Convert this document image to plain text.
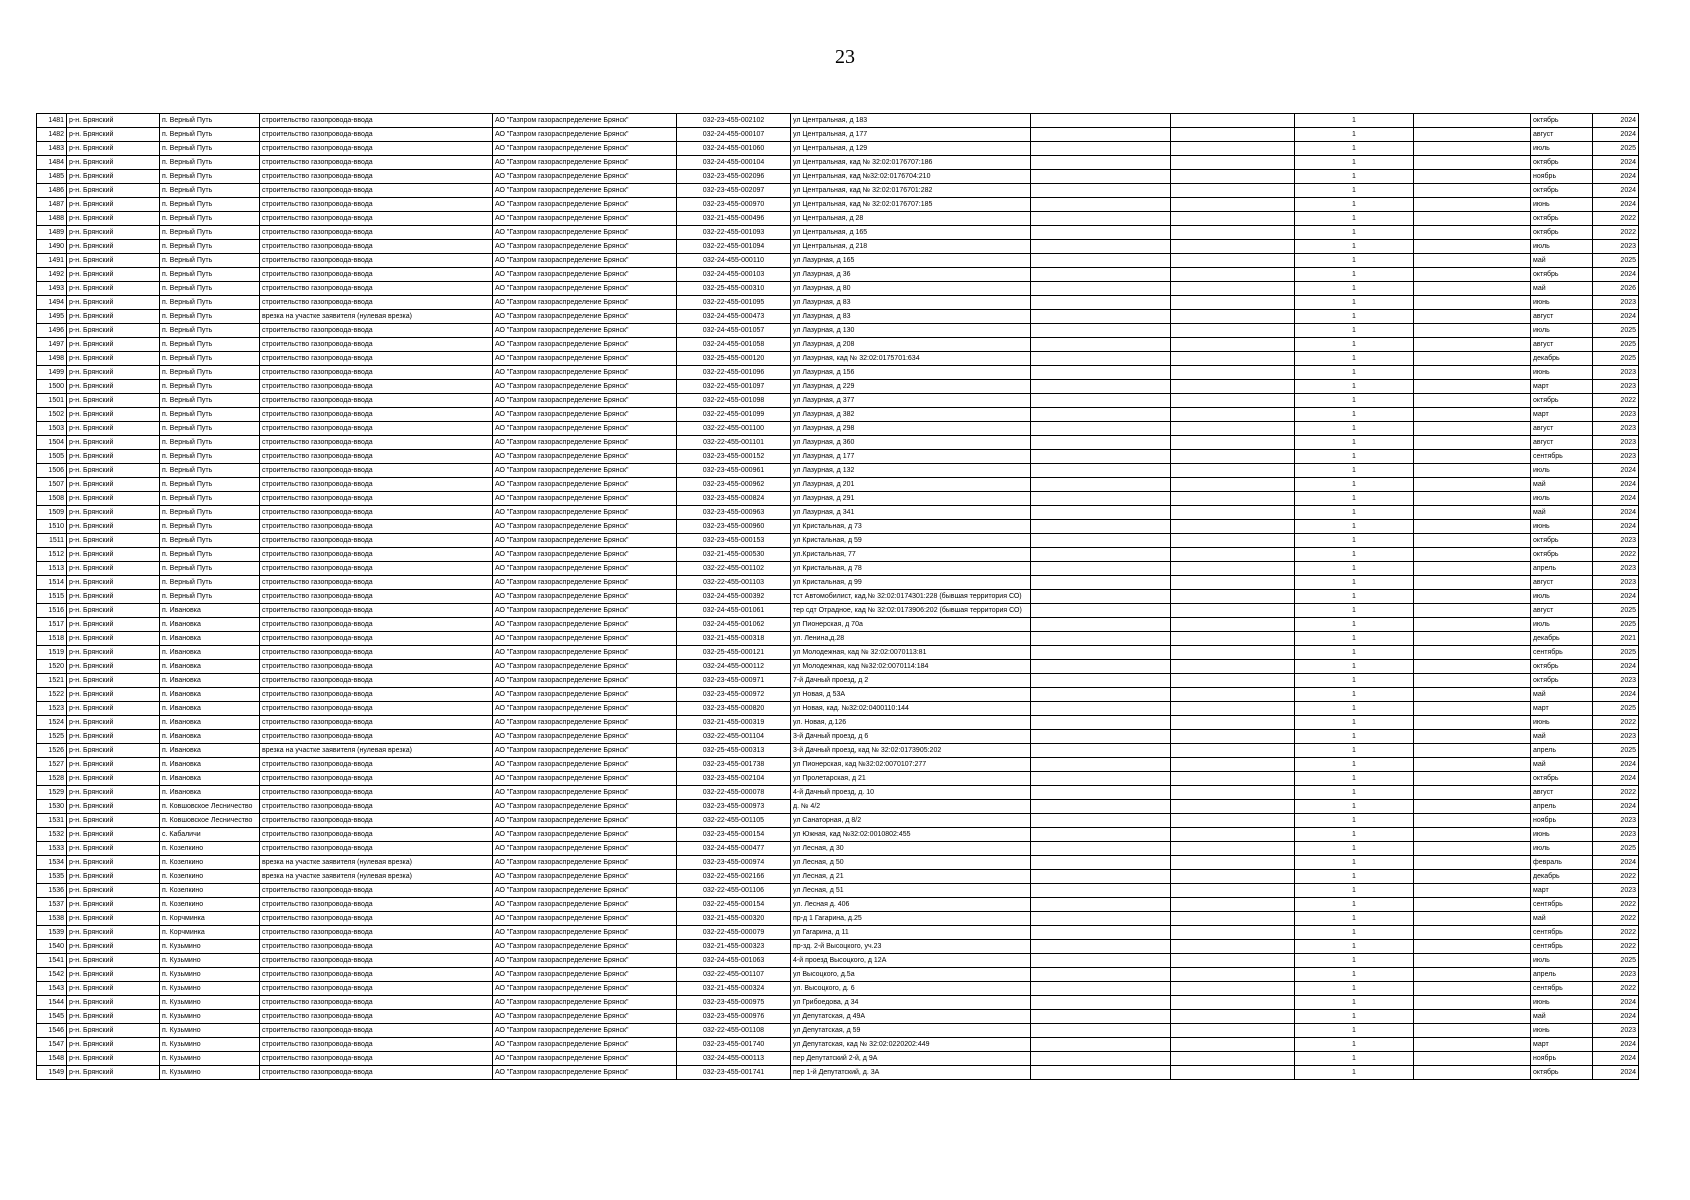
23
1481	р-н. Брянский	п. Верный Путь	строительство газопровода-ввода	АО "Газпром газораспределение Брянск"	032-23-455-002102	ул Центральная, д 183			1		октябрь	2024
1482	р-н. Брянский	п. Верный Путь	строительство газопровода-ввода	АО "Газпром газораспределение Брянск"	032-24-455-000107	ул Центральная, д 177			1		август	2024
1483	р-н. Брянский	п. Верный Путь	строительство газопровода-ввода	АО "Газпром газораспределение Брянск"	032-24-455-001060	ул Центральная, д 129			1		июль	2025
1484	р-н. Брянский	п. Верный Путь	строительство газопровода-ввода	АО "Газпром газораспределение Брянск"	032-24-455-000104	ул Центральная, кад № 32:02:0176707:186			1		октябрь	2024
1485	р-н. Брянский	п. Верный Путь	строительство газопровода-ввода	АО "Газпром газораспределение Брянск"	032-23-455-002096	ул Центральная, кад №32:02:0176704:210			1		ноябрь	2024
1486	р-н. Брянский	п. Верный Путь	строительство газопровода-ввода	АО "Газпром газораспределение Брянск"	032-23-455-002097	ул Центральная, кад № 32:02:0176701:282			1		октябрь	2024
1487	р-н. Брянский	п. Верный Путь	строительство газопровода-ввода	АО "Газпром газораспределение Брянск"	032-23-455-000970	ул Центральная, кад № 32:02:0176707:185			1		июнь	2024
1488	р-н. Брянский	п. Верный Путь	строительство газопровода-ввода	АО "Газпром газораспределение Брянск"	032-21-455-000496	ул Центральная, д 28			1		октябрь	2022
1489	р-н. Брянский	п. Верный Путь	строительство газопровода-ввода	АО "Газпром газораспределение Брянск"	032-22-455-001093	ул Центральная, д 165			1		октябрь	2022
1490	р-н. Брянский	п. Верный Путь	строительство газопровода-ввода	АО "Газпром газораспределение Брянск"	032-22-455-001094	ул Центральная, д 218			1		июль	2023
1491	р-н. Брянский	п. Верный Путь	строительство газопровода-ввода	АО "Газпром газораспределение Брянск"	032-24-455-000110	ул Лазурная, д 165			1		май	2025
1492	р-н. Брянский	п. Верный Путь	строительство газопровода-ввода	АО "Газпром газораспределение Брянск"	032-24-455-000103	ул Лазурная, д 36			1		октябрь	2024
1493	р-н. Брянский	п. Верный Путь	строительство газопровода-ввода	АО "Газпром газораспределение Брянск"	032-25-455-000310	ул Лазурная, д 80			1		май	2026
1494	р-н. Брянский	п. Верный Путь	строительство газопровода-ввода	АО "Газпром газораспределение Брянск"	032-22-455-001095	ул Лазурная, д 83			1		июнь	2023
1495	р-н. Брянский	п. Верный Путь	врезка на участке заявителя (нулевая врезка)	АО "Газпром газораспределение Брянск"	032-24-455-000473	ул Лазурная, д 83			1		август	2024
1496	р-н. Брянский	п. Верный Путь	строительство газопровода-ввода	АО "Газпром газораспределение Брянск"	032-24-455-001057	ул Лазурная, д 130			1		июль	2025
1497	р-н. Брянский	п. Верный Путь	строительство газопровода-ввода	АО "Газпром газораспределение Брянск"	032-24-455-001058	ул Лазурная, д 208			1		август	2025
1498	р-н. Брянский	п. Верный Путь	строительство газопровода-ввода	АО "Газпром газораспределение Брянск"	032-25-455-000120	ул Лазурная, кад № 32:02:0175701:634			1		декабрь	2025
1499	р-н. Брянский	п. Верный Путь	строительство газопровода-ввода	АО "Газпром газораспределение Брянск"	032-22-455-001096	ул Лазурная, д 156			1		июнь	2023
1500	р-н. Брянский	п. Верный Путь	строительство газопровода-ввода	АО "Газпром газораспределение Брянск"	032-22-455-001097	ул Лазурная, д 229			1		март	2023
1501	р-н. Брянский	п. Верный Путь	строительство газопровода-ввода	АО "Газпром газораспределение Брянск"	032-22-455-001098	ул Лазурная, д 377			1		октябрь	2022
1502	р-н. Брянский	п. Верный Путь	строительство газопровода-ввода	АО "Газпром газораспределение Брянск"	032-22-455-001099	ул Лазурная, д 382			1		март	2023
1503	р-н. Брянский	п. Верный Путь	строительство газопровода-ввода	АО "Газпром газораспределение Брянск"	032-22-455-001100	ул Лазурная, д 298			1		август	2023
1504	р-н. Брянский	п. Верный Путь	строительство газопровода-ввода	АО "Газпром газораспределение Брянск"	032-22-455-001101	ул Лазурная, д 360			1		август	2023
1505	р-н. Брянский	п. Верный Путь	строительство газопровода-ввода	АО "Газпром газораспределение Брянск"	032-23-455-000152	ул Лазурная, д 177			1		сентябрь	2023
1506	р-н. Брянский	п. Верный Путь	строительство газопровода-ввода	АО "Газпром газораспределение Брянск"	032-23-455-000961	ул Лазурная, д 132			1		июль	2024
1507	р-н. Брянский	п. Верный Путь	строительство газопровода-ввода	АО "Газпром газораспределение Брянск"	032-23-455-000962	ул Лазурная, д 201			1		май	2024
1508	р-н. Брянский	п. Верный Путь	строительство газопровода-ввода	АО "Газпром газораспределение Брянск"	032-23-455-000824	ул Лазурная, д 291			1		июль	2024
1509	р-н. Брянский	п. Верный Путь	строительство газопровода-ввода	АО "Газпром газораспределение Брянск"	032-23-455-000963	ул Лазурная, д 341			1		май	2024
1510	р-н. Брянский	п. Верный Путь	строительство газопровода-ввода	АО "Газпром газораспределение Брянск"	032-23-455-000960	ул Кристальная, д 73			1		июнь	2024
1511	р-н. Брянский	п. Верный Путь	строительство газопровода-ввода	АО "Газпром газораспределение Брянск"	032-23-455-000153	ул Кристальная, д 59			1		октябрь	2023
1512	р-н. Брянский	п. Верный Путь	строительство газопровода-ввода	АО "Газпром газораспределение Брянск"	032-21-455-000530	ул.Кристальная, 77			1		октябрь	2022
1513	р-н. Брянский	п. Верный Путь	строительство газопровода-ввода	АО "Газпром газораспределение Брянск"	032-22-455-001102	ул Кристальная, д 78			1		апрель	2023
1514	р-н. Брянский	п. Верный Путь	строительство газопровода-ввода	АО "Газпром газораспределение Брянск"	032-22-455-001103	ул Кристальная, д 99			1		август	2023
1515	р-н. Брянский	п. Верный Путь	строительство газопровода-ввода	АО "Газпром газораспределение Брянск"	032-24-455-000392	тст Автомобилист, кад.№ 32:02:0174301:228 (бывшая территория СО)			1		июль	2024
1516	р-н. Брянский	п. Ивановка	строительство газопровода-ввода	АО "Газпром газораспределение Брянск"	032-24-455-001061	тер сдт Отрадное, кад № 32:02:0173906:202 (бывшая территория СО)			1		август	2025
1517	р-н. Брянский	п. Ивановка	строительство газопровода-ввода	АО "Газпром газораспределение Брянск"	032-24-455-001062	ул Пионерская, д 70а			1		июль	2025
1518	р-н. Брянский	п. Ивановка	строительство газопровода-ввода	АО "Газпром газораспределение Брянск"	032-21-455-000318	ул. Ленина,д.28			1		декабрь	2021
1519	р-н. Брянский	п. Ивановка	строительство газопровода-ввода	АО "Газпром газораспределение Брянск"	032-25-455-000121	ул Молодежная, кад № 32:02:0070113:81			1		сентябрь	2025
1520	р-н. Брянский	п. Ивановка	строительство газопровода-ввода	АО "Газпром газораспределение Брянск"	032-24-455-000112	ул Молодежная, кад №32:02:0070114:184			1		октябрь	2024
1521	р-н. Брянский	п. Ивановка	строительство газопровода-ввода	АО "Газпром газораспределение Брянск"	032-23-455-000971	7-й Дачный проезд, д 2			1		октябрь	2023
1522	р-н. Брянский	п. Ивановка	строительство газопровода-ввода	АО "Газпром газораспределение Брянск"	032-23-455-000972	ул Новая, д 53А			1		май	2024
1523	р-н. Брянский	п. Ивановка	строительство газопровода-ввода	АО "Газпром газораспределение Брянск"	032-23-455-000820	ул Новая, кад. №32:02:0400110:144			1		март	2025
1524	р-н. Брянский	п. Ивановка	строительство газопровода-ввода	АО "Газпром газораспределение Брянск"	032-21-455-000319	ул. Новая, д.126			1		июнь	2022
1525	р-н. Брянский	п. Ивановка	строительство газопровода-ввода	АО "Газпром газораспределение Брянск"	032-22-455-001104	3-й Дачный проезд, д 6			1		май	2023
1526	р-н. Брянский	п. Ивановка	врезка на участке заявителя (нулевая врезка)	АО "Газпром газораспределение Брянск"	032-25-455-000313	3-й Дачный проезд, кад № 32:02:0173905:202			1		апрель	2025
1527	р-н. Брянский	п. Ивановка	строительство газопровода-ввода	АО "Газпром газораспределение Брянск"	032-23-455-001738	ул Пионерская, кад №32:02:0070107:277			1		май	2024
1528	р-н. Брянский	п. Ивановка	строительство газопровода-ввода	АО "Газпром газораспределение Брянск"	032-23-455-002104	ул Пролетарская, д 21			1		октябрь	2024
1529	р-н. Брянский	п. Ивановка	строительство газопровода-ввода	АО "Газпром газораспределение Брянск"	032-22-455-000078	4-й Дачный проезд, д. 10			1		август	2022
1530	р-н. Брянский	п. Ковшовское Лесничество	строительство газопровода-ввода	АО "Газпром газораспределение Брянск"	032-23-455-000973	д. № 4/2			1		апрель	2024
1531	р-н. Брянский	п. Ковшовское Лесничество	строительство газопровода-ввода	АО "Газпром газораспределение Брянск"	032-22-455-001105	ул Санаторная, д 8/2			1		ноябрь	2023
1532	р-н. Брянский	с. Кабаличи	строительство газопровода-ввода	АО "Газпром газораспределение Брянск"	032-23-455-000154	ул Южная, кад №32:02:0010802:455			1		июнь	2023
1533	р-н. Брянский	п. Козелкино	строительство газопровода-ввода	АО "Газпром газораспределение Брянск"	032-24-455-000477	ул Лесная, д 30			1		июль	2025
1534	р-н. Брянский	п. Козелкино	врезка на участке заявителя (нулевая врезка)	АО "Газпром газораспределение Брянск"	032-23-455-000974	ул Лесная, д 50			1		февраль	2024
1535	р-н. Брянский	п. Козелкино	врезка на участке заявителя (нулевая врезка)	АО "Газпром газораспределение Брянск"	032-22-455-002166	ул Лесная, д 21			1		декабрь	2022
1536	р-н. Брянский	п. Козелкино	строительство газопровода-ввода	АО "Газпром газораспределение Брянск"	032-22-455-001106	ул Лесная, д 51			1		март	2023
1537	р-н. Брянский	п. Козелкино	строительство газопровода-ввода	АО "Газпром газораспределение Брянск"	032-22-455-000154	ул. Лесная д. 406			1		сентябрь	2022
1538	р-н. Брянский	п. Корчминка	строительство газопровода-ввода	АО "Газпром газораспределение Брянск"	032-21-455-000320	пр-д 1 Гагарина, д.25			1		май	2022
1539	р-н. Брянский	п. Корчминка	строительство газопровода-ввода	АО "Газпром газораспределение Брянск"	032-22-455-000079	ул Гагарина, д 11			1		сентябрь	2022
1540	р-н. Брянский	п. Кузьмино	строительство газопровода-ввода	АО "Газпром газораспределение Брянск"	032-21-455-000323	пр-зд. 2-й Высоцкого, уч.23			1		сентябрь	2022
1541	р-н. Брянский	п. Кузьмино	строительство газопровода-ввода	АО "Газпром газораспределение Брянск"	032-24-455-001063	4-й проезд Высоцкого, д 12А			1		июль	2025
1542	р-н. Брянский	п. Кузьмино	строительство газопровода-ввода	АО "Газпром газораспределение Брянск"	032-22-455-001107	ул Высоцкого, д.5а			1		апрель	2023
1543	р-н. Брянский	п. Кузьмино	строительство газопровода-ввода	АО "Газпром газораспределение Брянск"	032-21-455-000324	ул. Высоцкого, д. 6			1		сентябрь	2022
1544	р-н. Брянский	п. Кузьмино	строительство газопровода-ввода	АО "Газпром газораспределение Брянск"	032-23-455-000975	ул Грибоедова, д 34			1		июнь	2024
1545	р-н. Брянский	п. Кузьмино	строительство газопровода-ввода	АО "Газпром газораспределение Брянск"	032-23-455-000976	ул Депутатская, д 49А			1		май	2024
1546	р-н. Брянский	п. Кузьмино	строительство газопровода-ввода	АО "Газпром газораспределение Брянск"	032-22-455-001108	ул Депутатская, д 59			1		июнь	2023
1547	р-н. Брянский	п. Кузьмино	строительство газопровода-ввода	АО "Газпром газораспределение Брянск"	032-23-455-001740	ул Депутатская, кад № 32:02:0220202:449			1		март	2024
1548	р-н. Брянский	п. Кузьмино	строительство газопровода-ввода	АО "Газпром газораспределение Брянск"	032-24-455-000113	пер Депутатский 2-й, д 9А			1		ноябрь	2024
1549	р-н. Брянский	п. Кузьмино	строительство газопровода-ввода	АО "Газпром газораспределение Брянск"	032-23-455-001741	пер 1-й Депутатский, д. 3А			1		октябрь	2024
